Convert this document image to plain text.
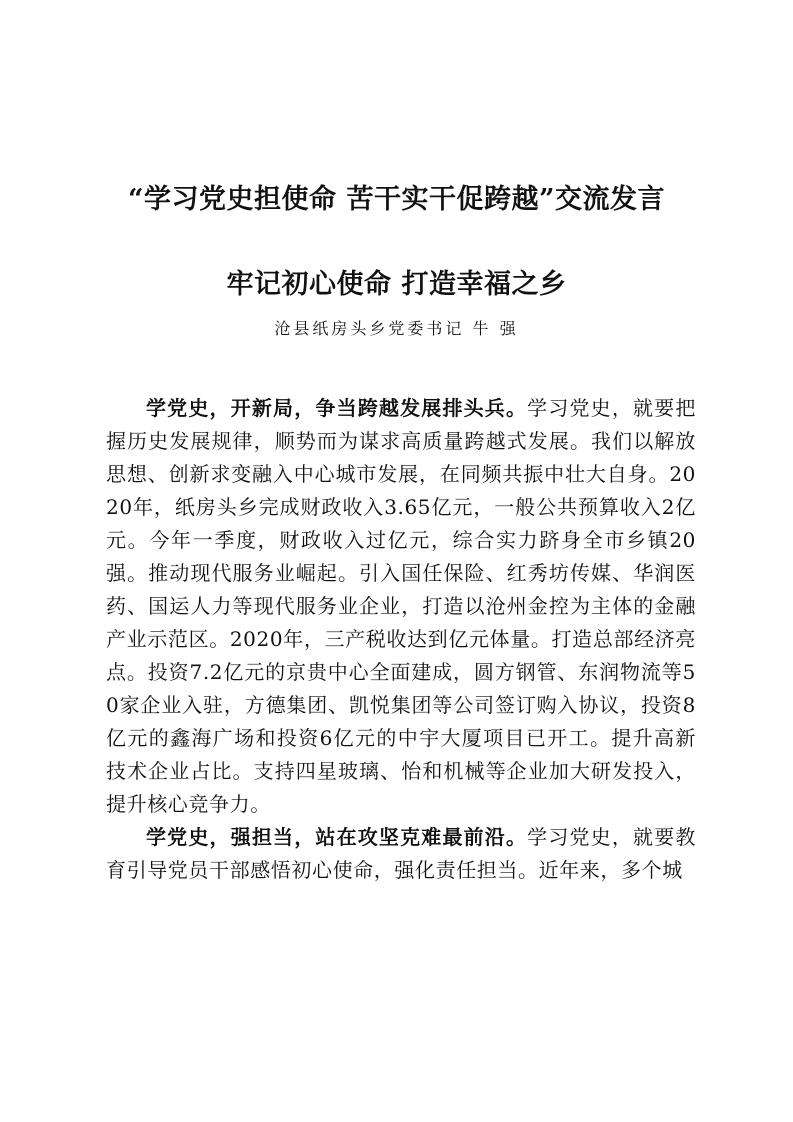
“学习党史担使命 苦干实干促跨越”交流发言
牢记初心使命 打造幸福之乡
沧县纸房头乡党委书记 牛 强

学党史，开新局，争当跨越发展排头兵。学习党史，就要把握历史发展规律，顺势而为谋求高质量跨越式发展。我们以解放思想、创新求变融入中心城市发展，在同频共振中壮大自身。2020年，纸房头乡完成财政收入3.65亿元，一般公共预算收入2亿元。今年一季度，财政收入过亿元，综合实力跻身全市乡镇20强。推动现代服务业崛起。引入国任保险、红秀坊传媒、华润医药、国运人力等现代服务业企业，打造以沧州金控为主体的金融产业示范区。2020年，三产税收达到亿元体量。打造总部经济亮点。投资7.2亿元的京贵中心全面建成，圆方钢管、东润物流等50家企业入驻，方德集团、凯悦集团等公司签订购入协议，投资8亿元的鑫海广场和投资6亿元的中宇大厦项目已开工。提升高新技术企业占比。支持四星玻璃、怡和机械等企业加大研发投入，提升核心竞争力。

学党史，强担当，站在攻坚克难最前沿。学习党史，就要教育引导党员干部感悟初心使命，强化责任担当。近年来，多个城
